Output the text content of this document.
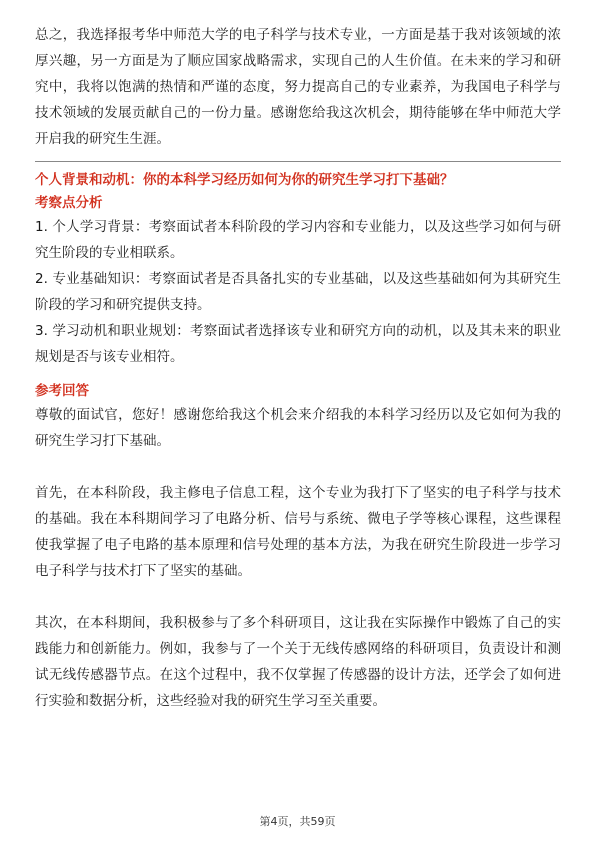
总之，我选择报考华中师范大学的电子科学与技术专业，一方面是基于我对该领域的浓厚兴趣，另一方面是为了顺应国家战略需求，实现自己的人生价值。在未来的学习和研究中，我将以饱满的热情和严谨的态度，努力提高自己的专业素养，为我国电子科学与技术领域的发展贡献自己的一份力量。感谢您给我这次机会，期待能够在华中师范大学开启我的研究生生涯。

个人背景和动机：你的本科学习经历如何为你的研究生学习打下基础？

考察点分析

1. 个人学习背景：考察面试者本科阶段的学习内容和专业能力，以及这些学习如何与研究生阶段的专业相联系。

2. 专业基础知识：考察面试者是否具备扎实的专业基础，以及这些基础如何为其研究生阶段的学习和研究提供支持。

3. 学习动机和职业规划：考察面试者选择该专业和研究方向的动机，以及其未来的职业规划是否与该专业相符。

参考回答

尊敬的面试官，您好！感谢您给我这个机会来介绍我的本科学习经历以及它如何为我的研究生学习打下基础。

首先，在本科阶段，我主修电子信息工程，这个专业为我打下了坚实的电子科学与技术的基础。我在本科期间学习了电路分析、信号与系统、微电子学等核心课程，这些课程使我掌握了电子电路的基本原理和信号处理的基本方法，为我在研究生阶段进一步学习电子科学与技术打下了坚实的基础。

其次，在本科期间，我积极参与了多个科研项目，这让我在实际操作中锻炼了自己的实践能力和创新能力。例如，我参与了一个关于无线传感网络的科研项目，负责设计和测试无线传感器节点。在这个过程中，我不仅掌握了传感器的设计方法，还学会了如何进行实验和数据分析，这些经验对我的研究生学习至关重要。

第4页，共59页
